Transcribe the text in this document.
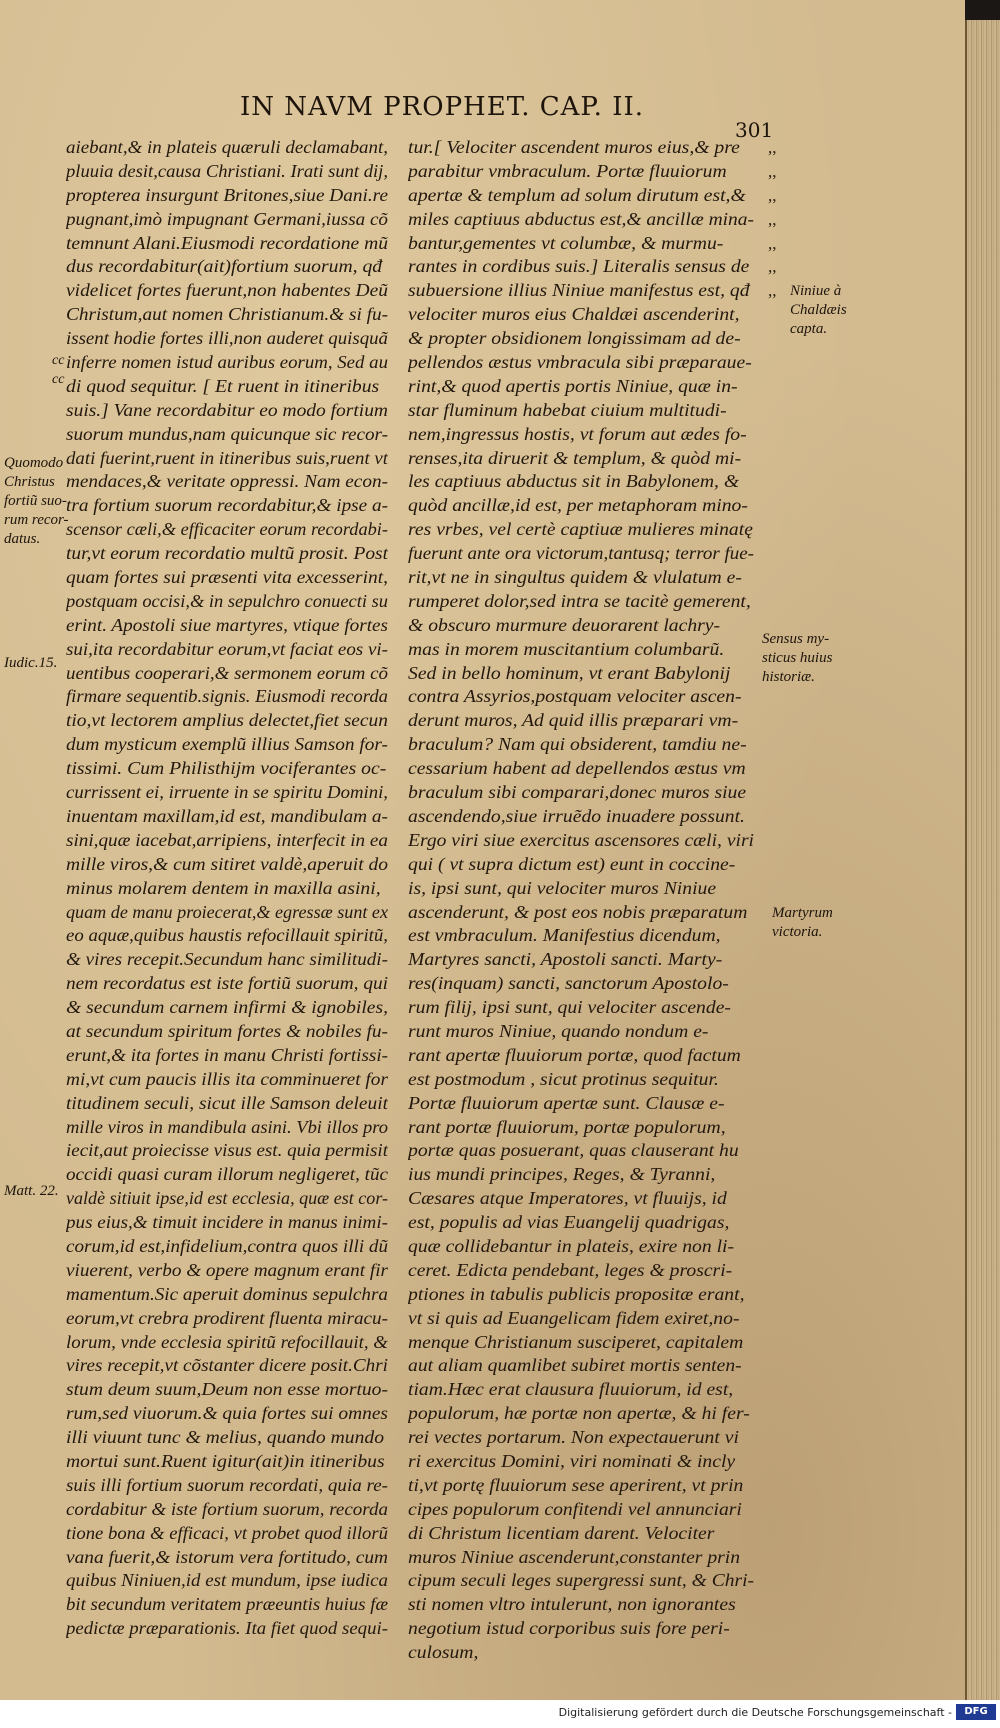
IN NAVM PROPHET. CAP. II.
301
aiebant,& in plateis quæruli declamabant,
pluuia desit,causa Christiani. Irati sunt dij,
propterea insurgunt Britones,siue Dani.re
pugnant,imò impugnant Germani,iussa cõ
temnunt Alani.Eiusmodi recordatione mũ
dus recordabitur(ait)fortium suorum, qđ
videlicet fortes fuerunt,non habentes Deũ
Christum,aut nomen Christianum.& si fu-
issent hodie fortes illi,non auderet quisquã
inferre nomen istud auribus eorum, Sed au
di quod sequitur. [ Et ruent in itineribus
suis.] Vane recordabitur eo modo fortium
suorum mundus,nam quicunque sic recor-
dati fuerint,ruent in itineribus suis,ruent vt
mendaces,& veritate oppressi. Nam econ-
tra fortium suorum recordabitur,& ipse a-
scensor cæli,& efficaciter eorum recordabi-
tur,vt eorum recordatio multũ prosit. Post
quam fortes sui præsenti vita excesserint,
postquam occisi,& in sepulchro conuecti su
erint. Apostoli siue martyres, vtique fortes
sui,ita recordabitur eorum,vt faciat eos vi-
uentibus cooperari,& sermonem eorum cõ
firmare sequentib.signis. Eiusmodi recorda
tio,vt lectorem amplius delectet,fiet secun
dum mysticum exemplũ illius Samson for-
tissimi. Cum Philisthijm vociferantes oc-
currissent ei, irruente in se spiritu Domini,
inuentam maxillam,id est, mandibulam a-
sini,quæ iacebat,arripiens, interfecit in ea
mille viros,& cum sitiret valdè,aperuit do
minus molarem dentem in maxilla asini,
quam de manu proiecerat,& egressæ sunt ex
eo aquæ,quibus haustis refocillauit spiritũ,
& vires recepit.Secundum hanc similitudi-
nem recordatus est iste fortiũ suorum, qui
& secundum carnem infirmi & ignobiles,
at secundum spiritum fortes & nobiles fu-
erunt,& ita fortes in manu Christi fortissi-
mi,vt cum paucis illis ita comminueret for
titudinem seculi, sicut ille Samson deleuit
mille viros in mandibula asini. Vbi illos pro
iecit,aut proiecisse visus est. quia permisit
occidi quasi curam illorum negligeret, tũc
valdè sitiuit ipse,id est ecclesia, quæ est cor-
pus eius,& timuit incidere in manus inimi-
corum,id est,infidelium,contra quos illi dũ
viuerent, verbo & opere magnum erant fir
mamentum.Sic aperuit dominus sepulchra
eorum,vt crebra prodirent fluenta miracu-
lorum, vnde ecclesia spiritũ refocillauit, &
vires recepit,vt cõstanter dicere posit.Chri
stum deum suum,Deum non esse mortuo-
rum,sed viuorum.& quia fortes sui omnes
illi viuunt tunc & melius, quando mundo
mortui sunt.Ruent igitur(ait)in itineribus
suis illi fortium suorum recordati, quia re-
cordabitur & iste fortium suorum, recorda
tione bona & efficaci, vt probet quod illorũ
vana fuerit,& istorum vera fortitudo, cum
quibus Niniuen,id est mundum, ipse iudica
bit secundum veritatem præeuntis huius fæ
pedictæ præparationis. Ita fiet quod sequi-
tur.[ Velociter ascendent muros eius,& pre
parabitur vmbraculum. Portæ fluuiorum
apertæ & templum ad solum dirutum est,&
miles captiuus abductus est,& ancillæ mina-
bantur,gementes vt columbæ, & murmu-
rantes in cordibus suis.] Literalis sensus de
subuersione illius Niniue manifestus est, qđ
velociter muros eius Chaldæi ascenderint,
& propter obsidionem longissimam ad de-
pellendos æstus vmbracula sibi præparaue-
rint,& quod apertis portis Niniue, quæ in-
star fluminum habebat ciuium multitudi-
nem,ingressus hostis, vt forum aut ædes fo-
renses,ita diruerit & templum, & quòd mi-
les captiuus abductus sit in Babylonem, &
quòd ancillæ,id est, per metaphoram mino-
res vrbes, vel certè captiuæ mulieres minatę
fuerunt ante ora victorum,tantusq; terror fue-
rit,vt ne in singultus quidem & vlulatum e-
rumperet dolor,sed intra se tacitè gemerent,
& obscuro murmure deuorarent lachry-
mas in morem muscitantium columbarũ.
Sed in bello hominum, vt erant Babylonij
contra Assyrios,postquam velociter ascen-
derunt muros, Ad quid illis præparari vm-
braculum? Nam qui obsiderent, tamdiu ne-
cessarium habent ad depellendos æstus vm
braculum sibi comparari,donec muros siue
ascendendo,siue irruẽdo inuadere possunt.
Ergo viri siue exercitus ascensores cæli, viri
qui ( vt supra dictum est) eunt in coccine-
is, ipsi sunt, qui velociter muros Niniue
ascenderunt, & post eos nobis præparatum
est vmbraculum. Manifestius dicendum,
Martyres sancti, Apostoli sancti. Marty-
res(inquam) sancti, sanctorum Apostolo-
rum filij, ipsi sunt, qui velociter ascende-
runt muros Niniue, quando nondum e-
rant apertæ fluuiorum portæ, quod factum
est postmodum , sicut protinus sequitur.
Portæ fluuiorum apertæ sunt. Clausæ e-
rant portæ fluuiorum, portæ populorum,
portæ quas posuerant, quas clauserant hu
ius mundi principes, Reges, & Tyranni,
Cæsares atque Imperatores, vt fluuijs, id
est, populis ad vias Euangelij quadrigas,
quæ collidebantur in plateis, exire non li-
ceret. Edicta pendebant, leges & proscri-
ptiones in tabulis publicis propositæ erant,
vt si quis ad Euangelicam fidem exiret,no-
menque Christianum susciperet, capitalem
aut aliam quamlibet subiret mortis senten-
tiam.Hæc erat clausura fluuiorum, id est,
populorum, hæ portæ non apertæ, & hi fer-
rei vectes portarum. Non expectauerunt vi
ri exercitus Domini, viri nominati & incly
ti,vt portę fluuiorum sese aperirent, vt prin
cipes populorum confitendi vel annunciari
di Christum licentiam darent. Velociter
muros Niniue ascenderunt,constanter prin
cipum seculi leges supergressi sunt, & Chri-
sti nomen vltro intulerunt, non ignorantes
negotium istud corporibus suis fore peri-
culosum,
cc
cc
Quomodo
Christus
fortiũ suo-
rum recor-
datus.
Iudic.15.
Matt. 22.
,,
,,
,,
,,
,,
,,
,, Niniue à
Chaldæis
capta.
Sensus my-
sticus huius
historiæ.
Martyrum
victoria.
Digitalisierung gefördert durch die Deutsche Forschungsgemeinschaft -	DFG
